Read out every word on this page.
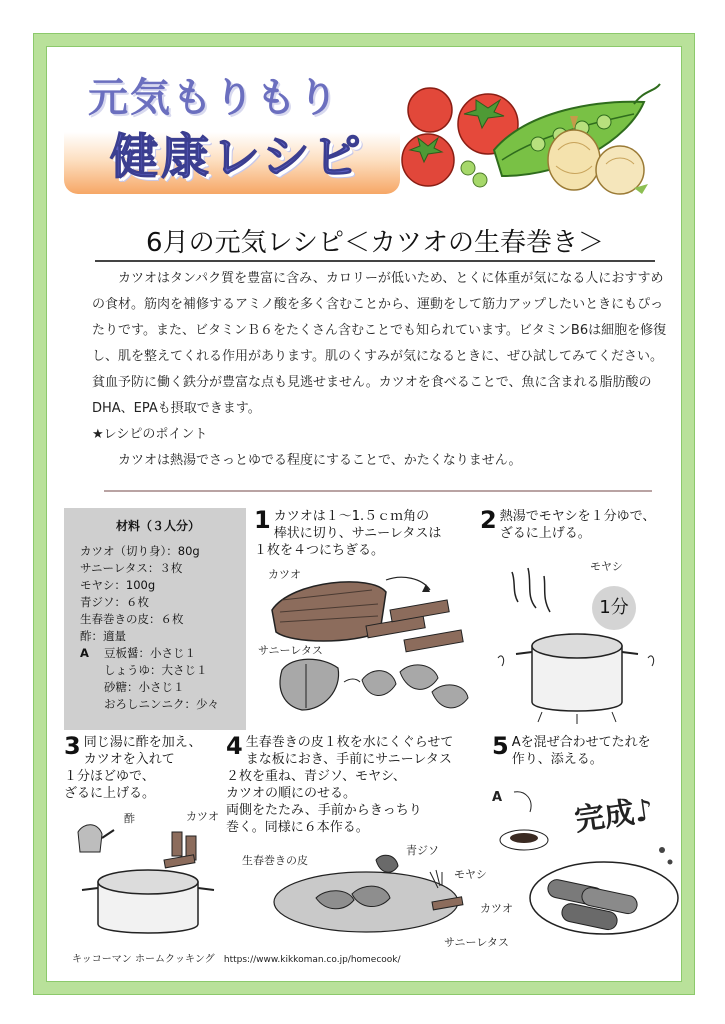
元気もりもり
健康レシピ
6月の元気レシピ＜カツオの生春巻き＞

カツオはタンパク質を豊富に含み、カロリーが低いため、とくに体重が気になる人におすすめの食材。筋肉を補修するアミノ酸を多く含むことから、運動をして筋力アップしたいときにもぴったりです。また、ビタミンＢ６をたくさん含むことでも知られています。ビタミンB6は細胞を修復し、肌を整えてくれる作用があります。肌のくすみが気になるときに、ぜひ試してみてください。貧血予防に働く鉄分が豊富な点も見逃せません。カツオを食べることで、魚に含まれる脂肪酸のDHA、EPAも摂取できます。

★レシピのポイント

カツオは熱湯でさっとゆでる程度にすることで、かたくなりません。

材料（３人分）
カツオ（切り身）：80g
サニーレタス：３枚
モヤシ：100g
青ジソ：６枚
生春巻きの皮：６枚
酢：適量
A	豆板醤：小さじ１
しょうゆ：大さじ１
砂糖：小さじ１
おろしニンニク：少々
1 カツオは１～1.５ｃｍ角の
棒状に切り、サニーレタスは
１枚を４つにちぎる。
2 熱湯でモヤシを１分ゆで、
ざるに上げる。
3 同じ湯に酢を加え、
カツオを入れて
１分ほどゆで、
ざるに上げる。
4 生春巻きの皮１枚を水にくぐらせて
まな板におき、手前にサニーレタス
２枚を重ね、青ジソ、モヤシ、
カツオの順にのせる。
両側をたたみ、手前からきっちり
巻く。同様に６本作る。
5 Aを混ぜ合わせてたれを
作り、添える。
カツオ
サニーレタス
モヤシ
1分
酢	カツオ
生春巻きの皮
青ジソ
モヤシ
カツオ
サニーレタス
A 完成♪
キッコーマン ホームクッキング https://www.kikkoman.co.jp/homecook/
